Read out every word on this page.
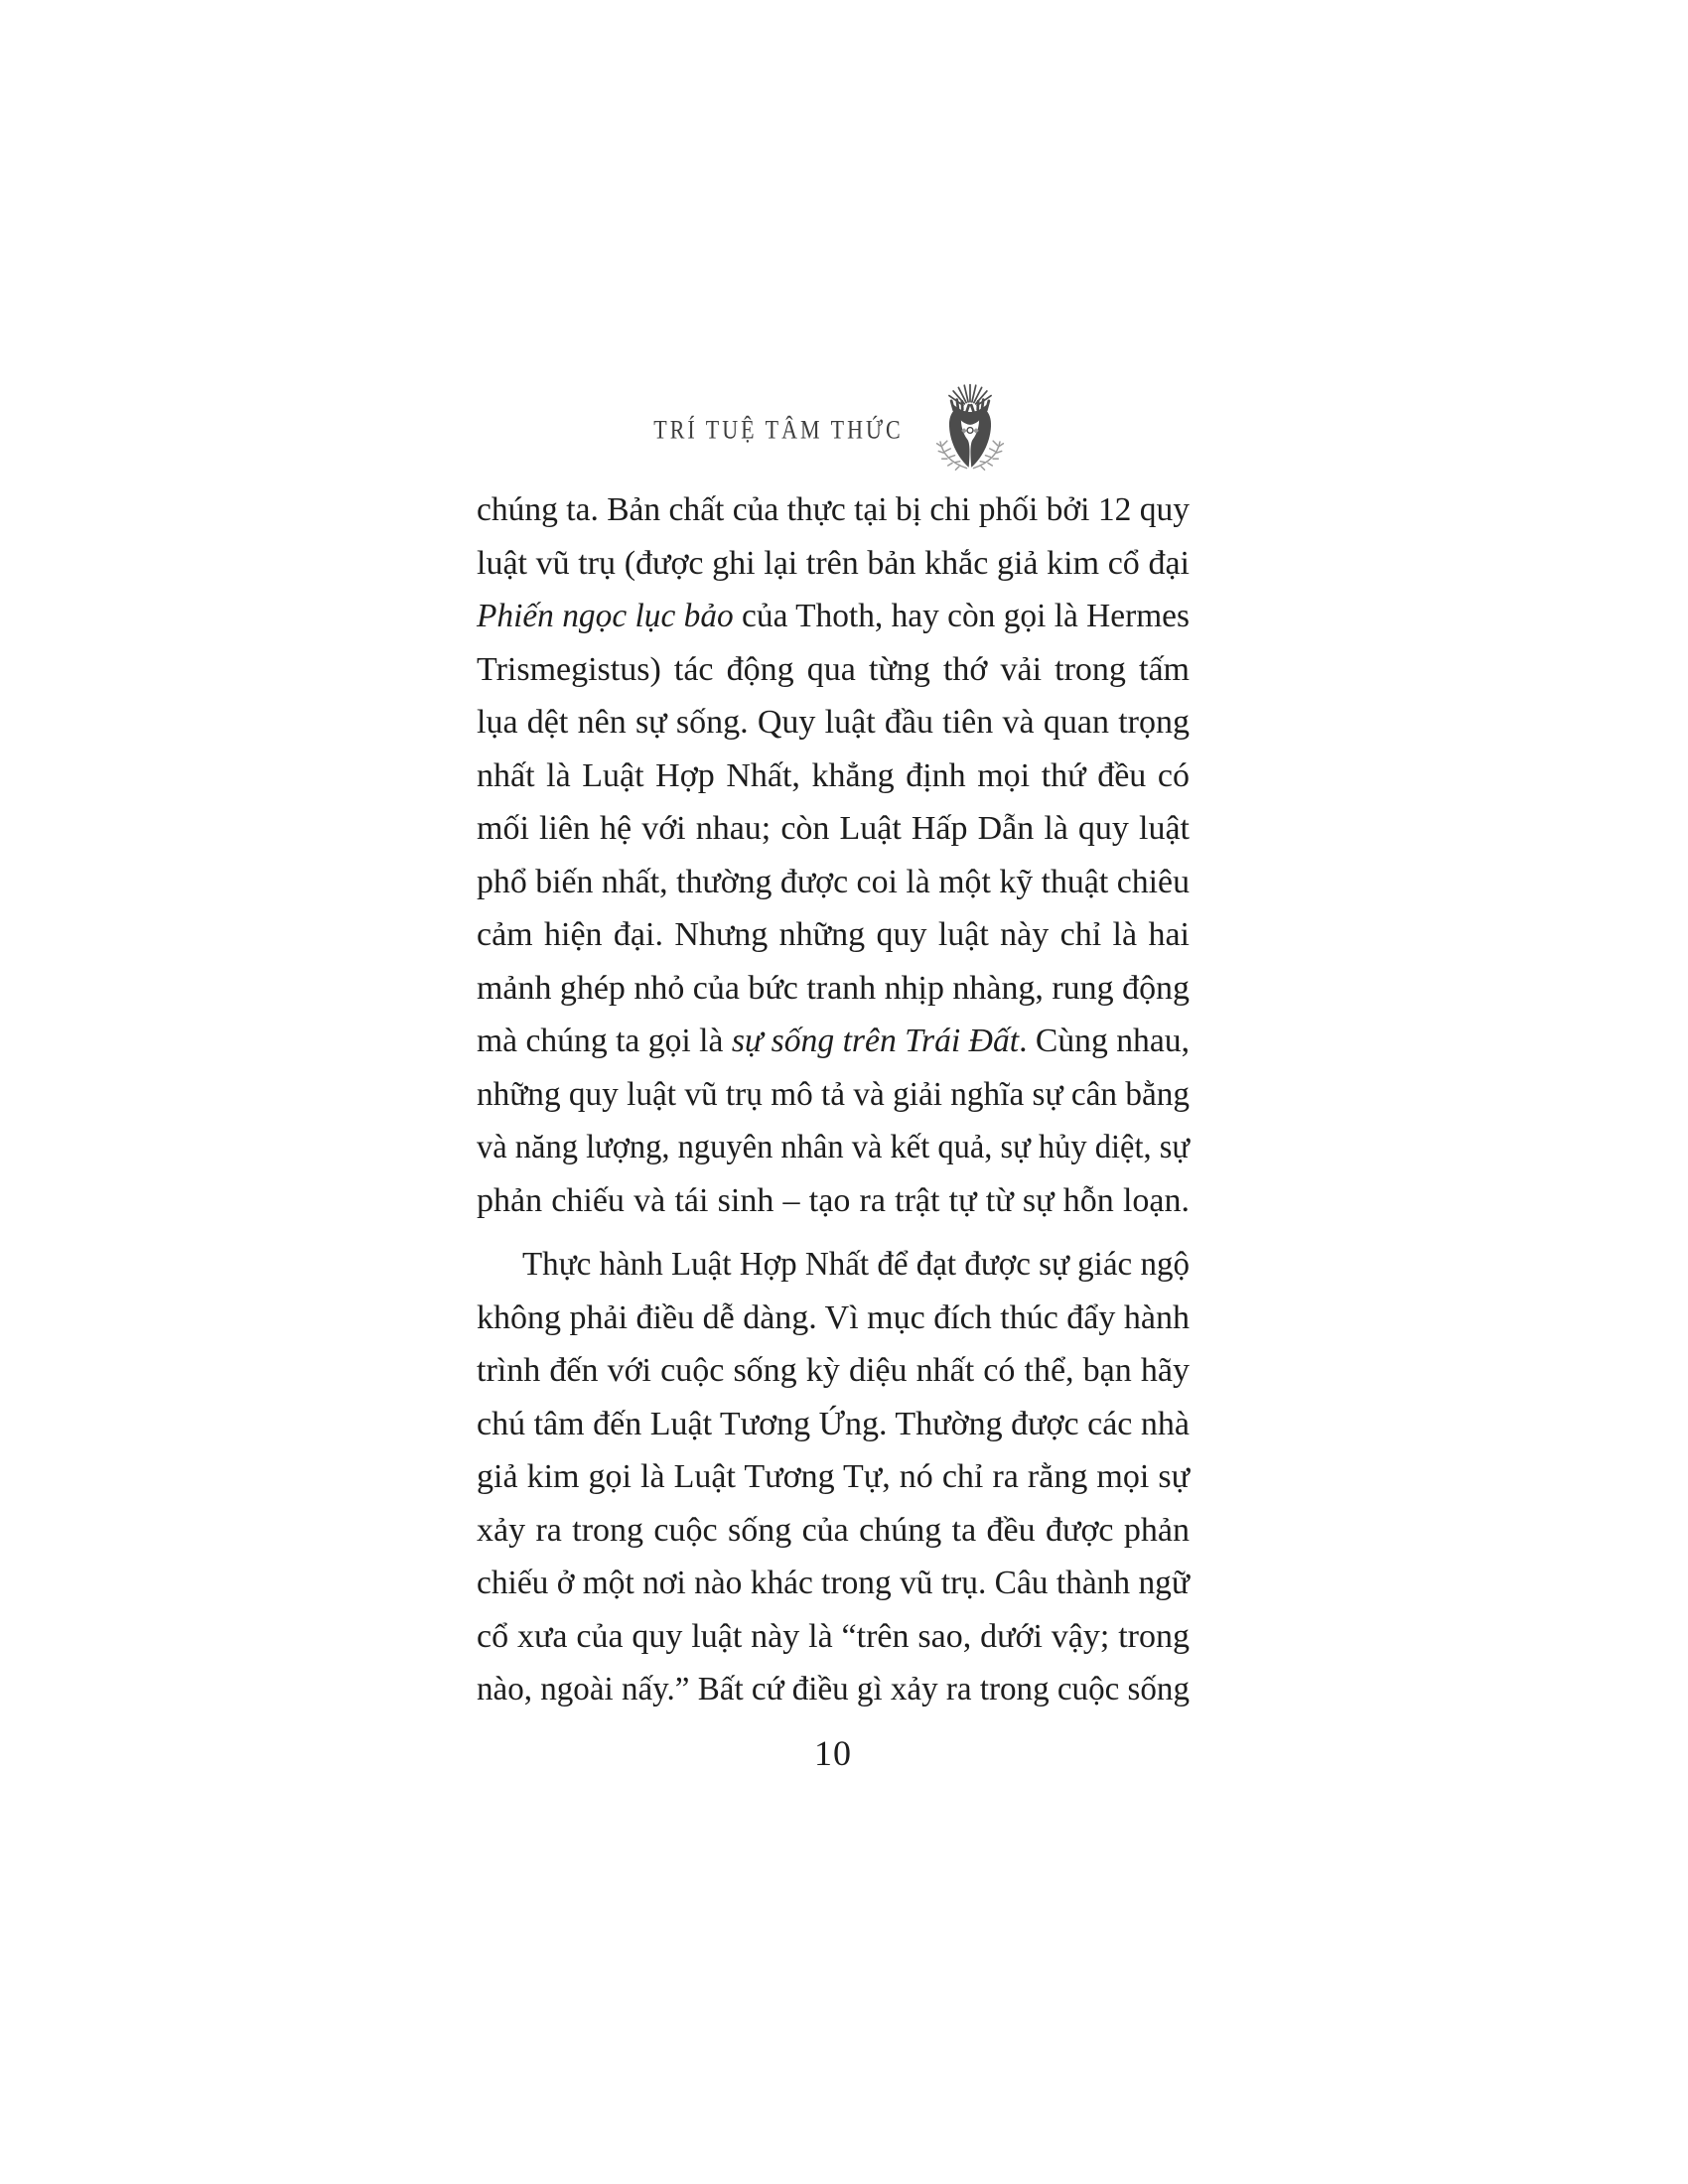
TRÍ TUỆ TÂM THỨC
chúng ta. Bản chất của thực tại bị chi phối bởi 12 quy
luật vũ trụ (được ghi lại trên bản khắc giả kim cổ đại
Phiến ngọc lục bảo của Thoth, hay còn gọi là Hermes
Trismegistus) tác động qua từng thớ vải trong tấm
lụa dệt nên sự sống. Quy luật đầu tiên và quan trọng
nhất là Luật Hợp Nhất, khẳng định mọi thứ đều có
mối liên hệ với nhau; còn Luật Hấp Dẫn là quy luật
phổ biến nhất, thường được coi là một kỹ thuật chiêu
cảm hiện đại. Nhưng những quy luật này chỉ là hai
mảnh ghép nhỏ của bức tranh nhịp nhàng, rung động
mà chúng ta gọi là sự sống trên Trái Đất. Cùng nhau,
những quy luật vũ trụ mô tả và giải nghĩa sự cân bằng
và năng lượng, nguyên nhân và kết quả, sự hủy diệt, sự
phản chiếu và tái sinh – tạo ra trật tự từ sự hỗn loạn.
Thực hành Luật Hợp Nhất để đạt được sự giác ngộ
không phải điều dễ dàng. Vì mục đích thúc đẩy hành
trình đến với cuộc sống kỳ diệu nhất có thể, bạn hãy
chú tâm đến Luật Tương Ứng. Thường được các nhà
giả kim gọi là Luật Tương Tự, nó chỉ ra rằng mọi sự
xảy ra trong cuộc sống của chúng ta đều được phản
chiếu ở một nơi nào khác trong vũ trụ. Câu thành ngữ
cổ xưa của quy luật này là “trên sao, dưới vậy; trong
nào, ngoài nấy.” Bất cứ điều gì xảy ra trong cuộc sống
10
